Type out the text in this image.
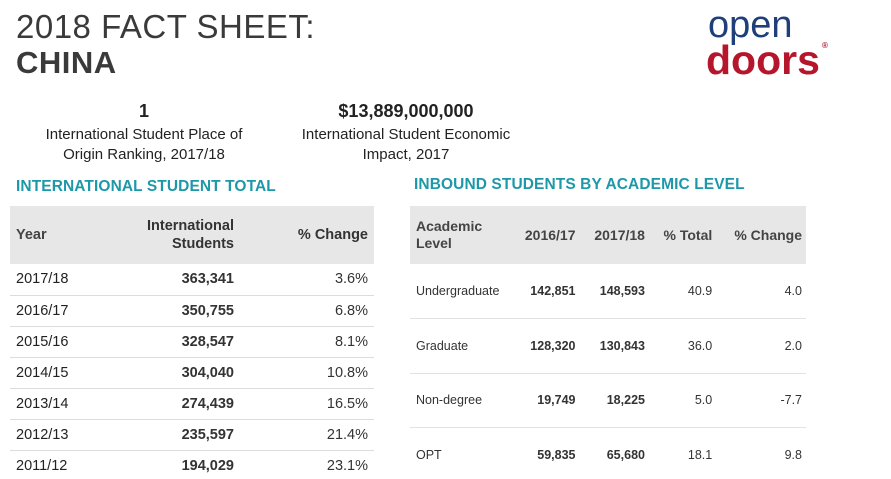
2018 FACT SHEET:
CHINA
open
doors ®
1
International Student Place of Origin Ranking, 2017/18
$13,889,000,000
International Student Economic Impact, 2017
INTERNATIONAL STUDENT TOTAL	INBOUND STUDENTS BY ACADEMIC LEVEL
Year	International Students	% Change
2017/18	363,341	3.6%
2016/17	350,755	6.8%
2015/16	328,547	8.1%
2014/15	304,040	10.8%
2013/14	274,439	16.5%
2012/13	235,597	21.4%
2011/12	194,029	23.1%
Academic Level	2016/17	2017/18	% Total	% Change
Undergraduate	142,851	148,593	40.9	4.0
Graduate	128,320	130,843	36.0	2.0
Non-degree	19,749	18,225	5.0	-7.7
OPT	59,835	65,680	18.1	9.8
